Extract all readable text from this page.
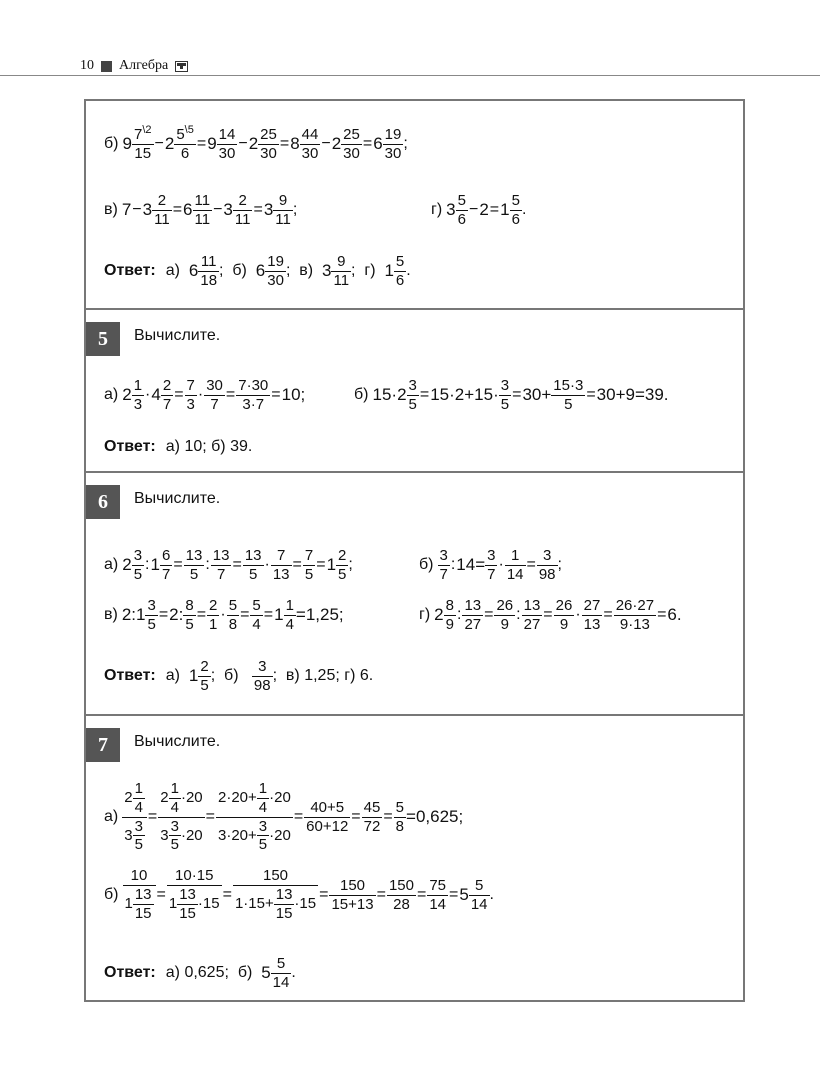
10 Алгебра
б) $9 \frac{7^{\backslash 2}}{15} - 2 \frac{5^{\backslash 5}}{6} = 9 \frac{14}{30} - 2 \frac{25}{30} = 8 \frac{44}{30} - 2 \frac{25}{30} = 6 \frac{19}{30}$ ;
в) $7 - 3 \frac{2}{11} = 6 \frac{11}{11} - 3 \frac{2}{11} = 3 \frac{9}{11}$ ;	г) $3 \frac{5}{6} - 2 = 1 \frac{5}{6}$ .
Ответ: а)
$6 \frac{11}{18}$ ;
б)
$6 \frac{19}{30}$ ;
в)
$3 \frac{9}{11}$ ;
г)
$1 \frac{5}{6}$ .
5	Вычислите.
а) $2 \frac{1}{3} \cdot 4 \frac{2}{7} = \frac{7}{3} \cdot \frac{30}{7} = \frac{7\cdot 30}{3\cdot 7} = 10$;	б) $15\cdot 2 \frac{3}{5} = 15\cdot 2+15\cdot \frac{3}{5} = 30+ \frac{15\cdot 3}{5} = 30+9=39$.
Ответ: а) 10; б) 39.
6	Вычислите.
а) $2 \frac{3}{5}$ : $1 \frac{6}{7} = \frac{13}{5}$ : $\frac{13}{7} = \frac{13}{5} \cdot \frac{7}{13} = \frac{7}{5} = 1 \frac{2}{5}$ ;	$б) \frac{3}{7}$ : $14= \frac{3}{7} \cdot \frac{1}{14} = \frac{3}{98}$ ;
в) 2 :1 $\frac{3}{5} = 2$: $\frac{8}{5} = \frac{2}{1} \cdot \frac{5}{8} = \frac{5}{4} = 1 \frac{1}{4} =1,25$;	г) $2 \frac{8}{9}$ : $\frac{13}{27} = \frac{26}{9}$ : $\frac{13}{27} = \frac{26}{9} \cdot \frac{27}{13} = \frac{26\cdot 27}{9\cdot 13} = 6$.
Ответ: а)
$1 \frac{2}{5}$ ;
б)
$\frac{3}{98}$ ;
в) 1,25; г) 6.
7	Вычислите.
$а) \frac{2 \frac{1}{4}}{3 \frac{3}{5}} = \frac{2 \frac{1}{4} \cdot 20}{3 \frac{3}{5} \cdot 20} = \frac{2\cdot 20+ \frac{1}{4} \cdot 20}{3\cdot 20+ \frac{3}{5} \cdot 20} = \frac{40+5}{60+12} = \frac{45}{72} = \frac{5}{8} =0,625$;
$б) \frac{10}{1 \frac{13}{15}} = \frac{10\cdot 15}{1 \frac{13}{15} \cdot 15} = \frac{150}{1\cdot 15+ \frac{13}{15} \cdot 15} = \frac{150}{15+13} = \frac{150}{28} = \frac{75}{14} = 5 \frac{5}{14}$ .
Ответ: а) 0,625;
б)
$5 \frac{5}{14}$ .
